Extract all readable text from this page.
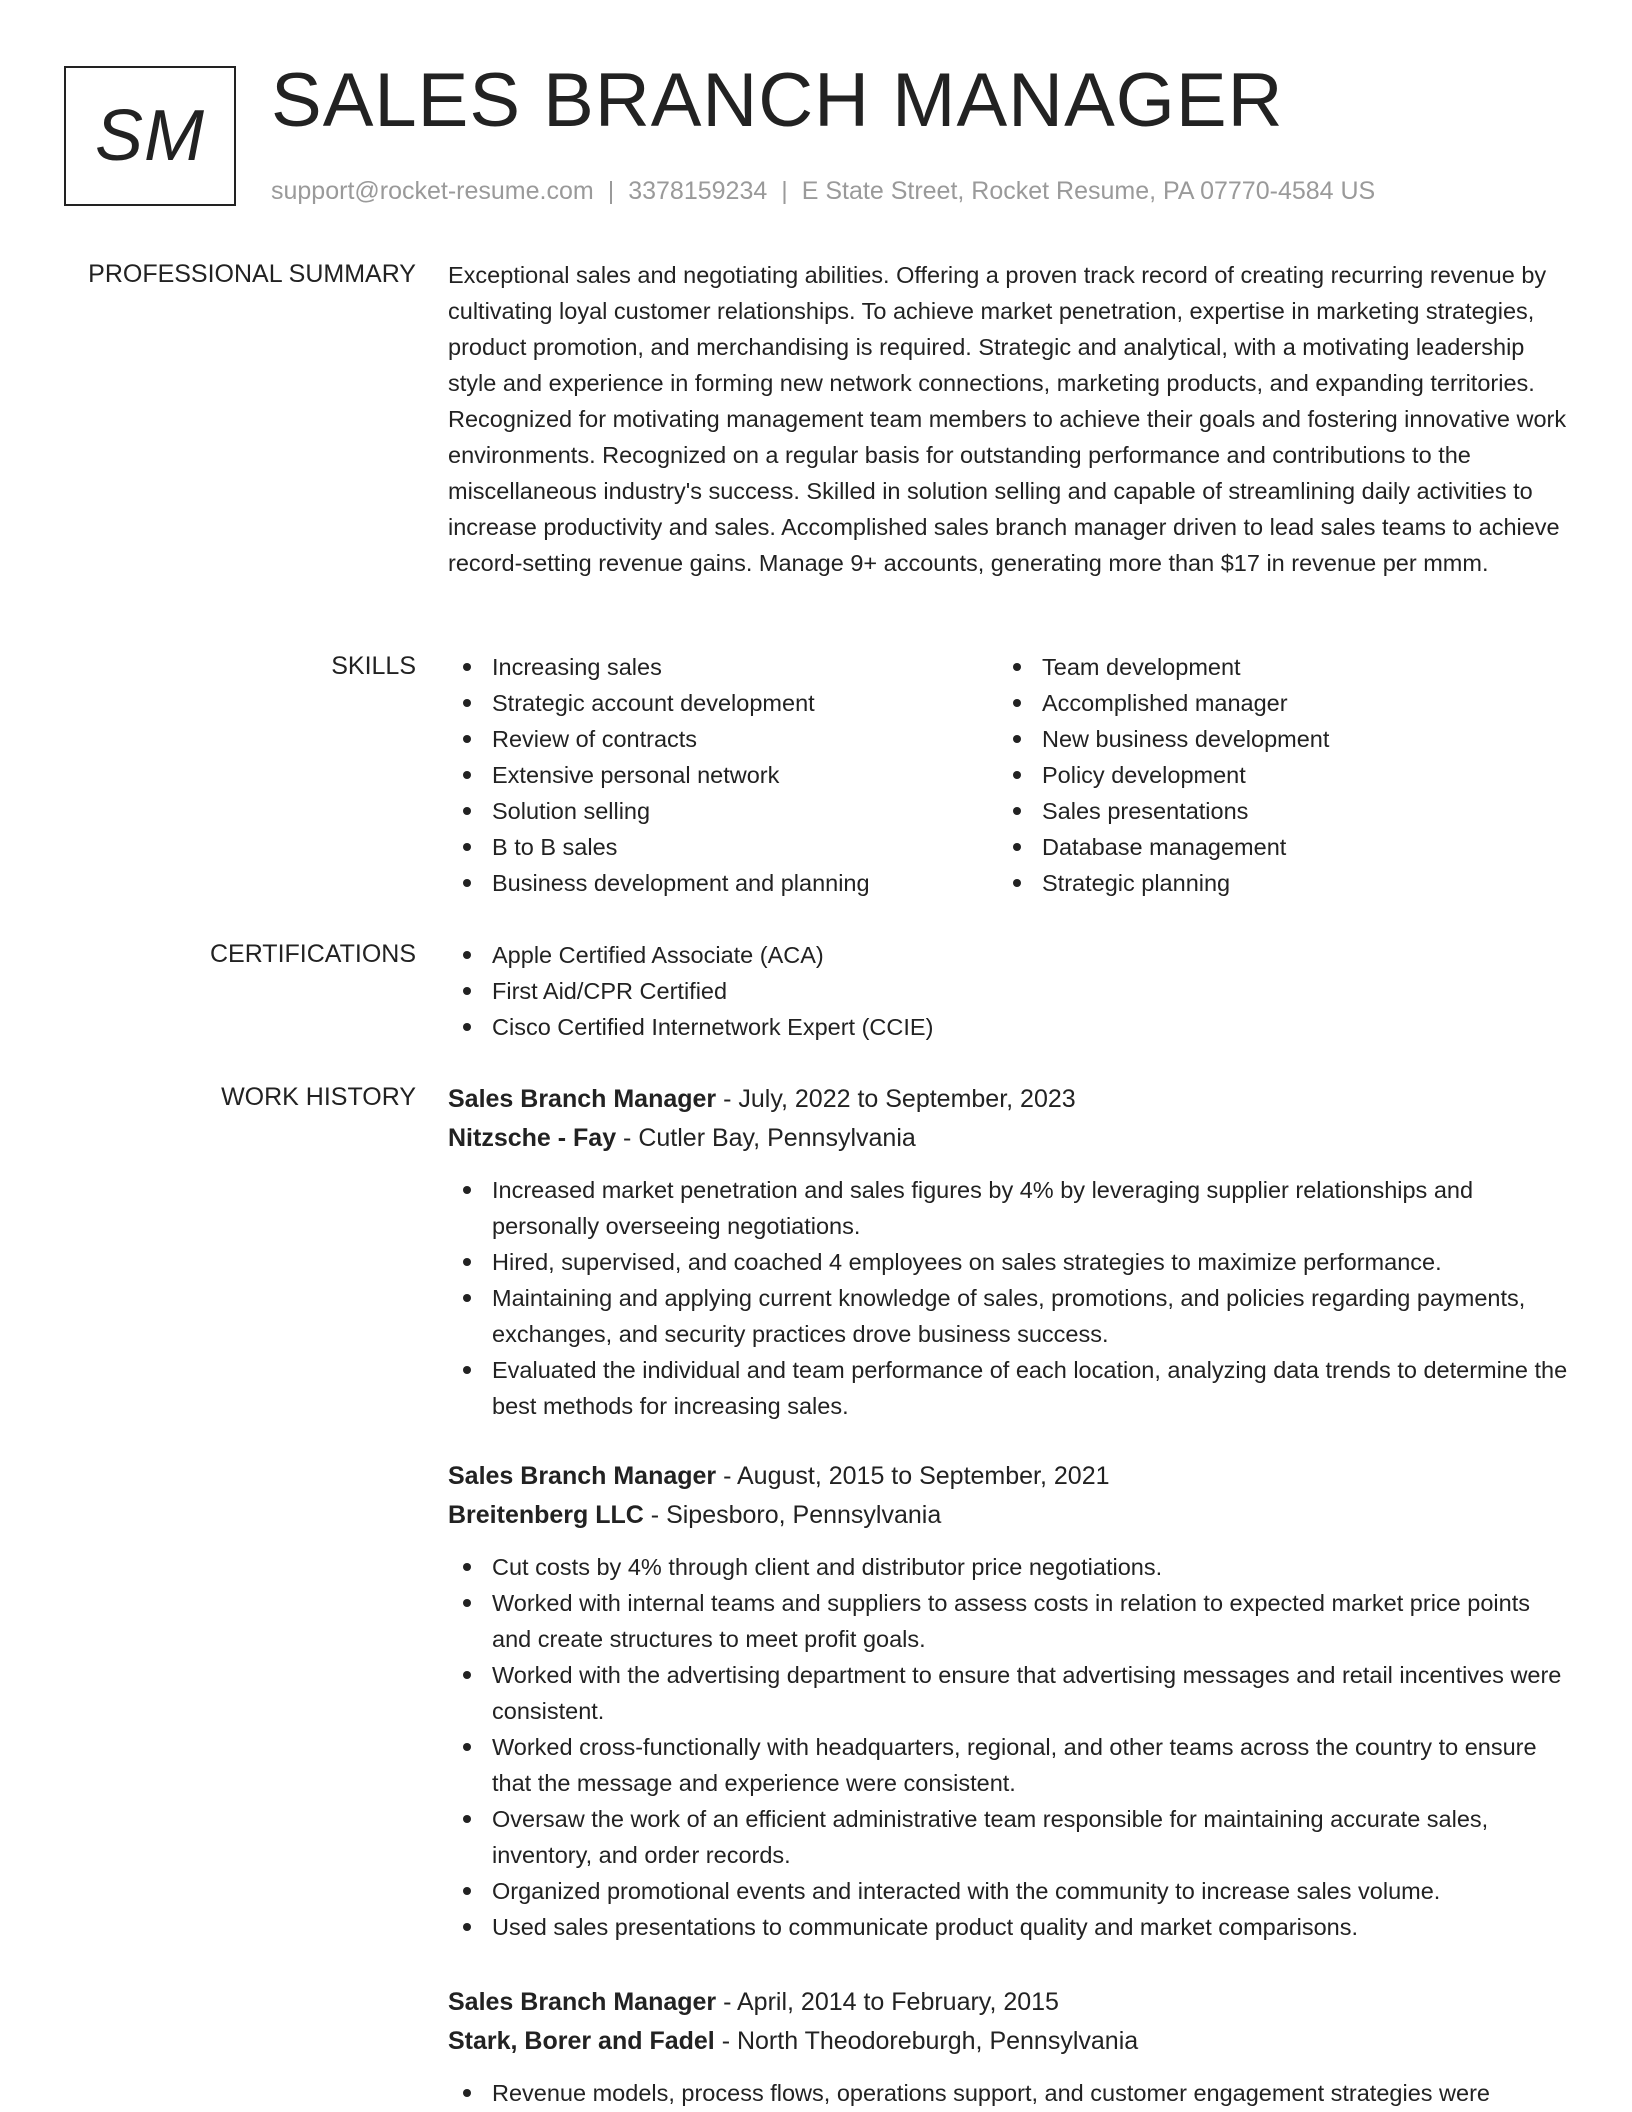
SM SALES BRANCH MANAGER
support@rocket-resume.com | 3378159234 | E State Street, Rocket Resume, PA 07770-4584 US
PROFESSIONAL SUMMARY Exceptional sales and negotiating abilities. Offering a proven track record of creating recurring revenue by cultivating loyal customer relationships. To achieve market penetration, expertise in marketing strategies, product promotion, and merchandising is required. Strategic and analytical, with a motivating leadership style and experience in forming new network connections, marketing products, and expanding territories. Recognized for motivating management team members to achieve their goals and fostering innovative work environments. Recognized on a regular basis for outstanding performance and contributions to the miscellaneous industry's success. Skilled in solution selling and capable of streamlining daily activities to increase productivity and sales. Accomplished sales branch manager driven to lead sales teams to achieve record-setting revenue gains. Manage 9+ accounts, generating more than $17 in revenue per mmm.

SKILLS	Increasing sales
Strategic account development
Review of contracts
Extensive personal network
Solution selling
B to B sales
Business development and planning
Team development
Accomplished manager
New business development
Policy development
Sales presentations
Database management
Strategic planning
CERTIFICATIONS	Apple Certified Associate (ACA)
First Aid/CPR Certified
Cisco Certified Internetwork Expert (CCIE)
WORK HISTORY Sales Branch Manager - July, 2022 to September, 2023
Nitzsche - Fay - Cutler Bay, Pennsylvania
Increased market penetration and sales figures by 4% by leveraging supplier relationships and personally overseeing negotiations.
Hired, supervised, and coached 4 employees on sales strategies to maximize performance.
Maintaining and applying current knowledge of sales, promotions, and policies regarding payments, exchanges, and security practices drove business success.
Evaluated the individual and team performance of each location, analyzing data trends to determine the best methods for increasing sales.
Sales Branch Manager - August, 2015 to September, 2021
Breitenberg LLC - Sipesboro, Pennsylvania
Cut costs by 4% through client and distributor price negotiations.
Worked with internal teams and suppliers to assess costs in relation to expected market price points and create structures to meet profit goals.
Worked with the advertising department to ensure that advertising messages and retail incentives were consistent.
Worked cross-functionally with headquarters, regional, and other teams across the country to ensure that the message and experience were consistent.
Oversaw the work of an efficient administrative team responsible for maintaining accurate sales, inventory, and order records.
Organized promotional events and interacted with the community to increase sales volume.
Used sales presentations to communicate product quality and market comparisons.
Sales Branch Manager - April, 2014 to February, 2015
Stark, Borer and Fadel - North Theodoreburgh, Pennsylvania
Revenue models, process flows, operations support, and customer engagement strategies were
